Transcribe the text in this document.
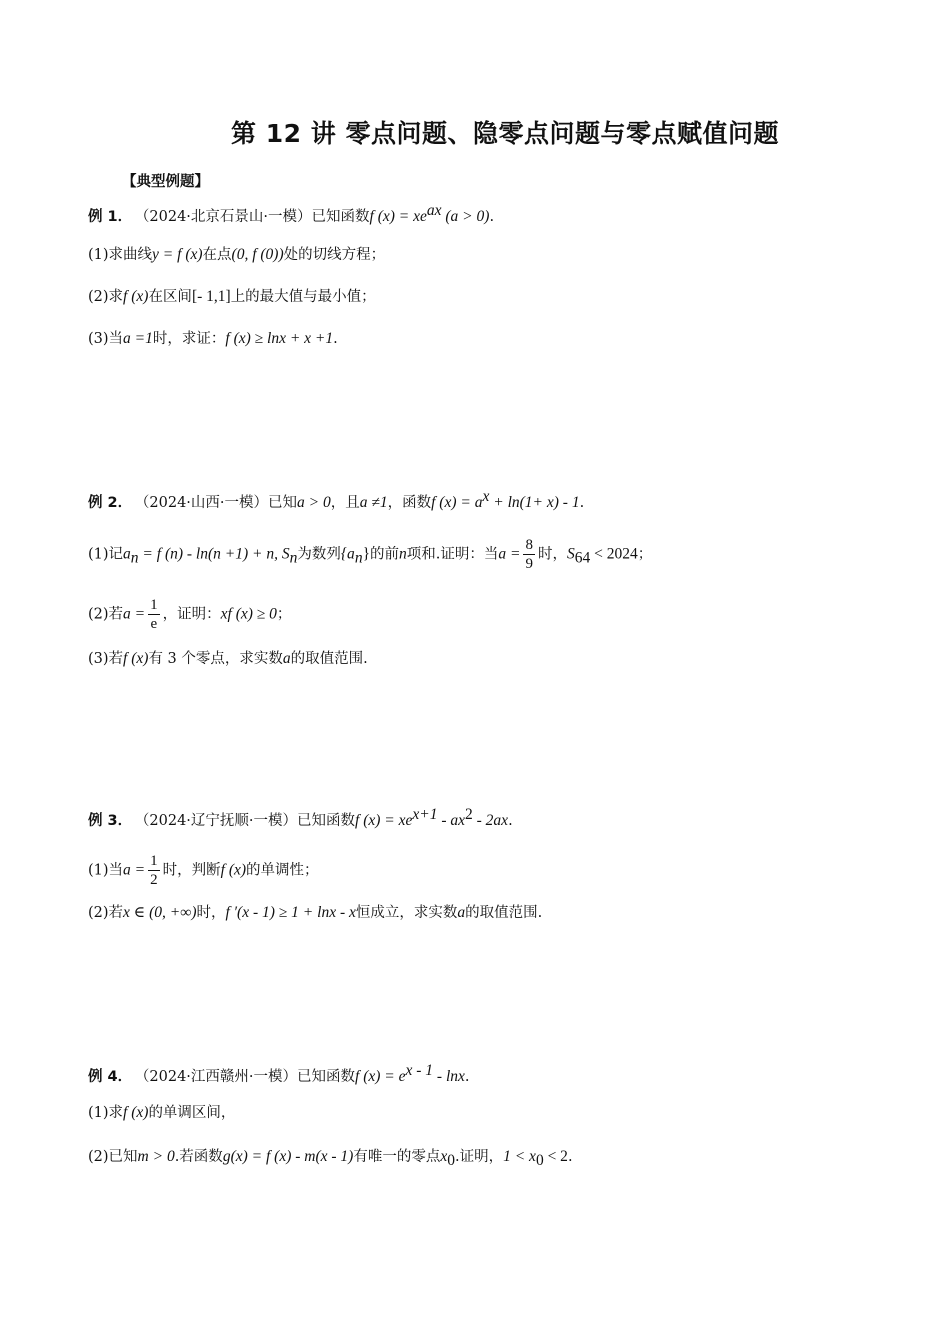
第 12 讲 零点问题、隐零点问题与零点赋值问题
【典型例题】
例 1． （2024·北京石景山·一模）已知函数f $(x) = xe^{ax}$ (a > 0).
(1)求曲线y = f (x)在点(0, f (0))处的切线方程；
(2)求f (x)在区间[- 1,1]上的最大值与最小值；
(3)当a =1时，求证：f (x) ≥ lnx + x +1.
例 2． （2024·山西·一模）已知a > 0，且a ≠1，函数f $(x) = a^x + \ln(1+ x) - 1$.
(1)记$a_n = f$ (n) - ln(n +1) + n, $S_n$为数列$\{a_n\}$的前n项和.证明：当$a = \frac{8}{9}$ 时，$S_{64} < 2024$；
(2)若$a = \frac{1}{e}$ ，证明：xf (x) ≥ 0；
(3)若f (x)有 3 个零点，求实数a的取值范围.
例 3． （2024·辽宁抚顺·一模）已知函数f $(x) = xe^{x+1} - ax^2 - 2ax$.
(1)当$a = \frac{1}{2}$ 时，判断f (x)的单调性；
(2)若x ∈ (0, +∞)时，f ′(x - 1) ≥ 1 + lnx - x恒成立，求实数a的取值范围.
例 4． （2024·江西赣州·一模）已知函数f $(x) = e^{x - 1} - \ln x$.
(1)求f (x)的单调区间，
(2)已知m > 0.若函数g(x) = f (x) - m(x - 1)有唯一的零点$x_0$.证明，$1 < x_0 < 2$.
